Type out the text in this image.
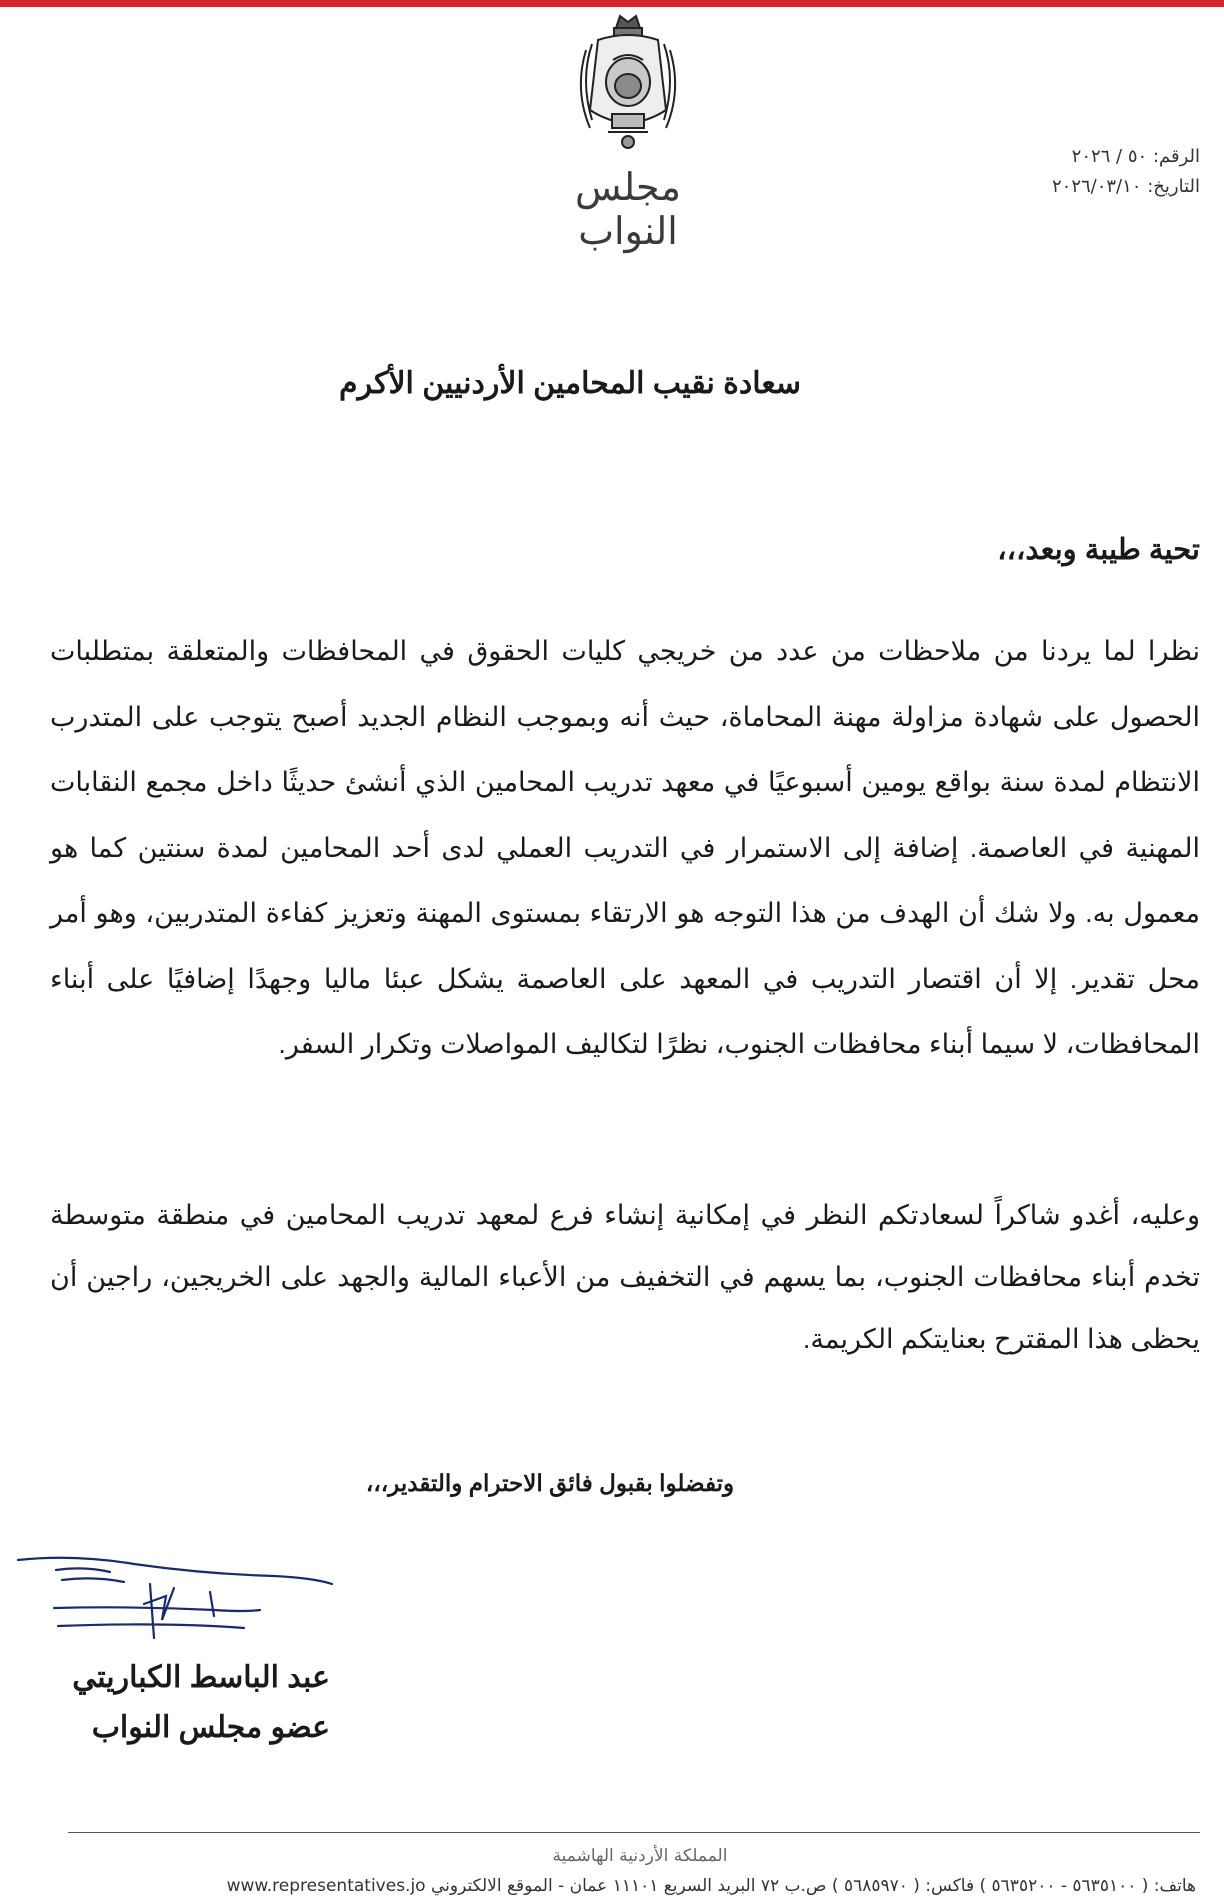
مجلس النواب
الرقم: ٥٠ / ٢٠٢٦
التاريخ: ٢٠٢٦/٠٣/١٠
سعادة نقيب المحامين الأردنيين الأكرم
تحية طيبة وبعد،،،
نظرا لما يردنا من ملاحظات من عدد من خريجي كليات الحقوق في المحافظات والمتعلقة بمتطلبات الحصول على شهادة مزاولة مهنة المحاماة، حيث أنه وبموجب النظام الجديد أصبح يتوجب على المتدرب الانتظام لمدة سنة بواقع يومين أسبوعيًا في معهد تدريب المحامين الذي أنشئ حديثًا داخل مجمع النقابات المهنية في العاصمة. إضافة إلى الاستمرار في التدريب العملي لدى أحد المحامين لمدة سنتين كما هو معمول به. ولا شك أن الهدف من هذا التوجه هو الارتقاء بمستوى المهنة وتعزيز كفاءة المتدربين، وهو أمر محل تقدير. إلا أن اقتصار التدريب في المعهد على العاصمة يشكل عبئا ماليا وجهدًا إضافيًا على أبناء المحافظات، لا سيما أبناء محافظات الجنوب، نظرًا لتكاليف المواصلات وتكرار السفر.
وعليه، أغدو شاكراً لسعادتكم النظر في إمكانية إنشاء فرع لمعهد تدريب المحامين في منطقة متوسطة تخدم أبناء محافظات الجنوب، بما يسهم في التخفيف من الأعباء المالية والجهد على الخريجين، راجين أن يحظى هذا المقترح بعنايتكم الكريمة.
وتفضلوا بقبول فائق الاحترام والتقدير،،،
عبد الباسط الكباريتي
عضو مجلس النواب
المملكة الأردنية الهاشمية
هاتف: ( ٥٦٣٥١٠٠ - ٥٦٣٥٢٠٠ ) فاكس: ( ٥٦٨٥٩٧٠ ) ص.ب ٧٢ البريد السريع ١١١٠١ عمان - الموقع الالكتروني www.representatives.jo
